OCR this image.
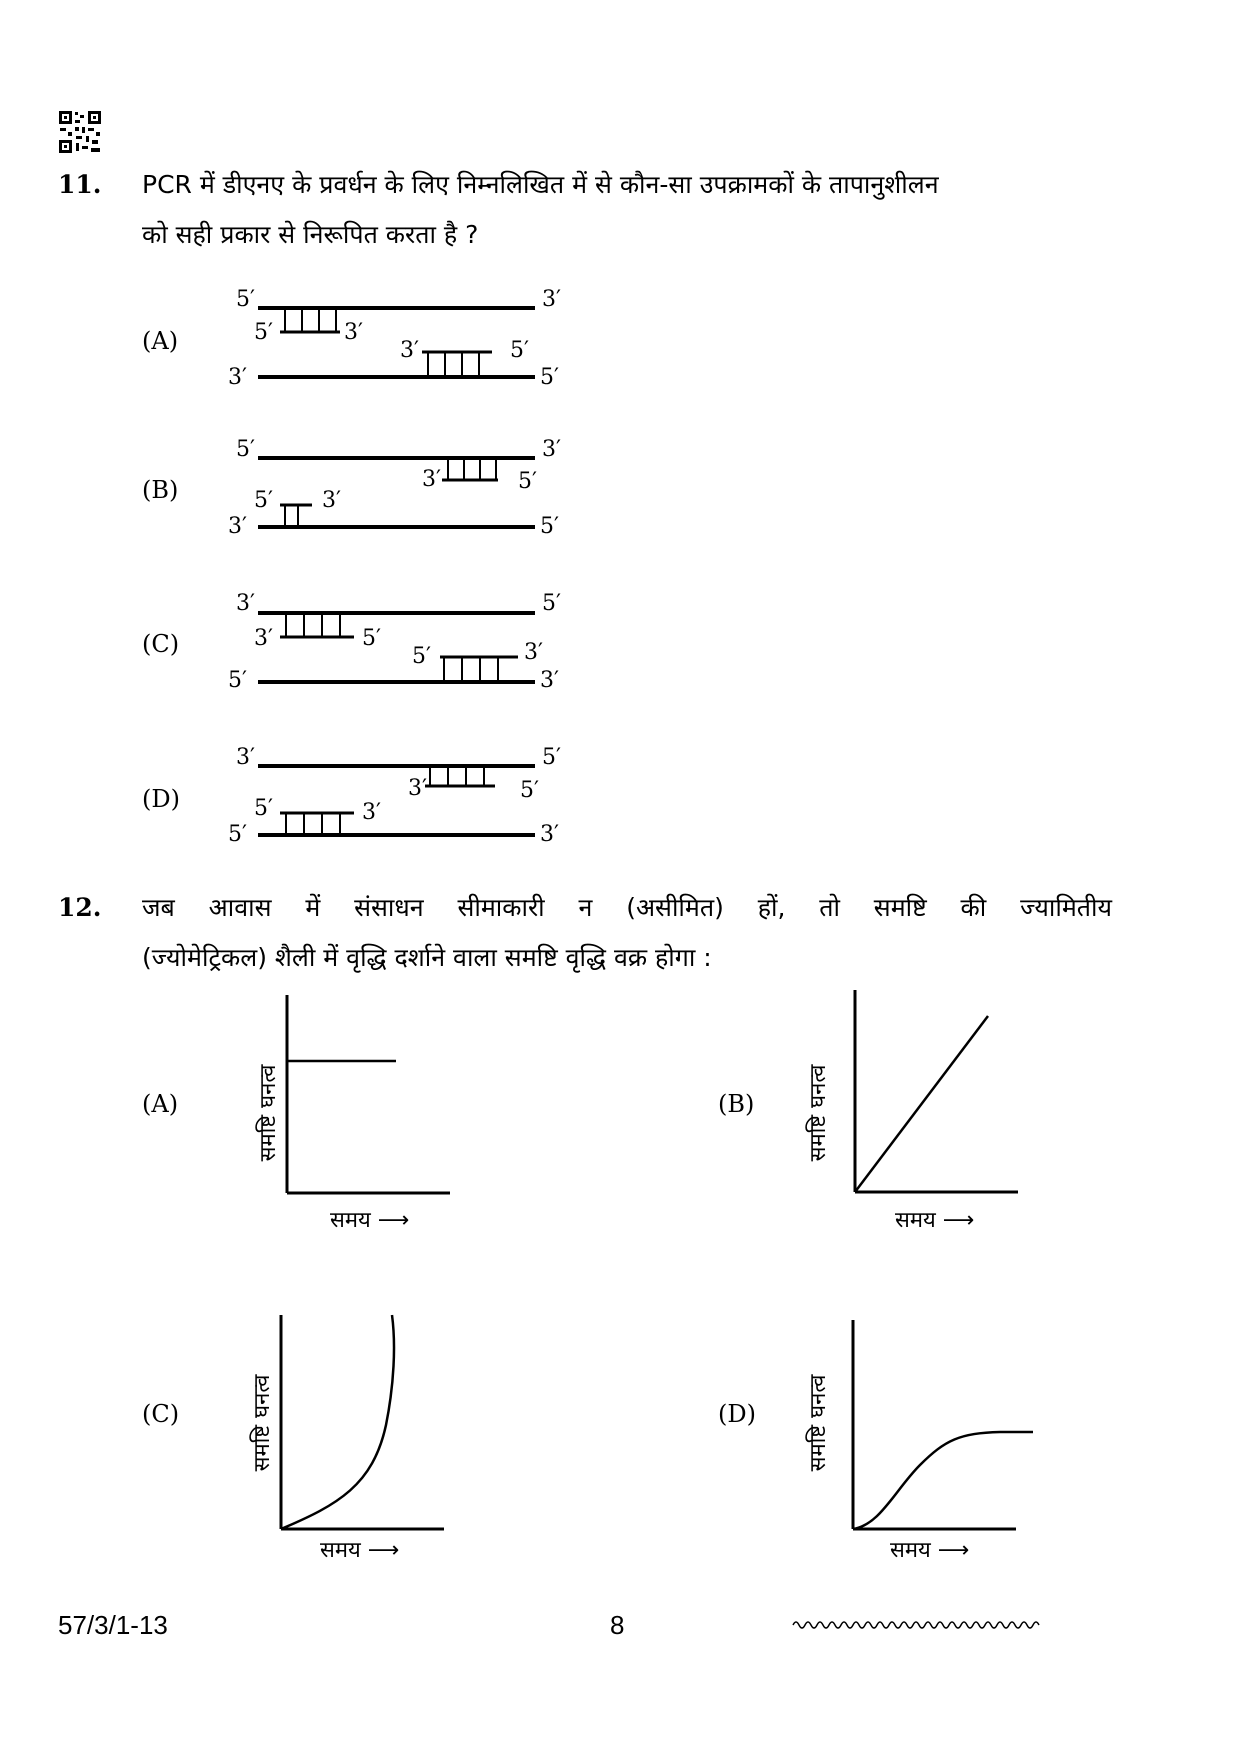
11. PCR में डीएनए के प्रवर्धन के लिए निम्नलिखित में से कौन-सा उपक्रामकों के तापानुशीलन
को सही प्रकार से निरूपित करता है ?
(A)
5′	3′
5′	3′
3′	5′
3′	5′
(B)
5′	3′
3′	5′
5′ 3′
3′	5′
(C)
3′	5′
3′	5′
5′	3′
5′	3′
(D)
3′	5′
3′	5′
5′	3′
5′	3′
12. जब आवास में संसाधन सीमाकारी न (असीमित) हों, तो समष्टि की ज्यामितीय
(ज्योमेट्रिकल) शैली में वृद्धि दर्शाने वाला समष्टि वृद्धि वक्र होगा :
(A)	समष्टि घनत्व
समय ⟶
(B) समष्टि घनत्व
समय ⟶
(C)	समष्टि घनत्व
समय ⟶
(D) समष्टि घनत्व
समय ⟶
57/3/1-13	8
